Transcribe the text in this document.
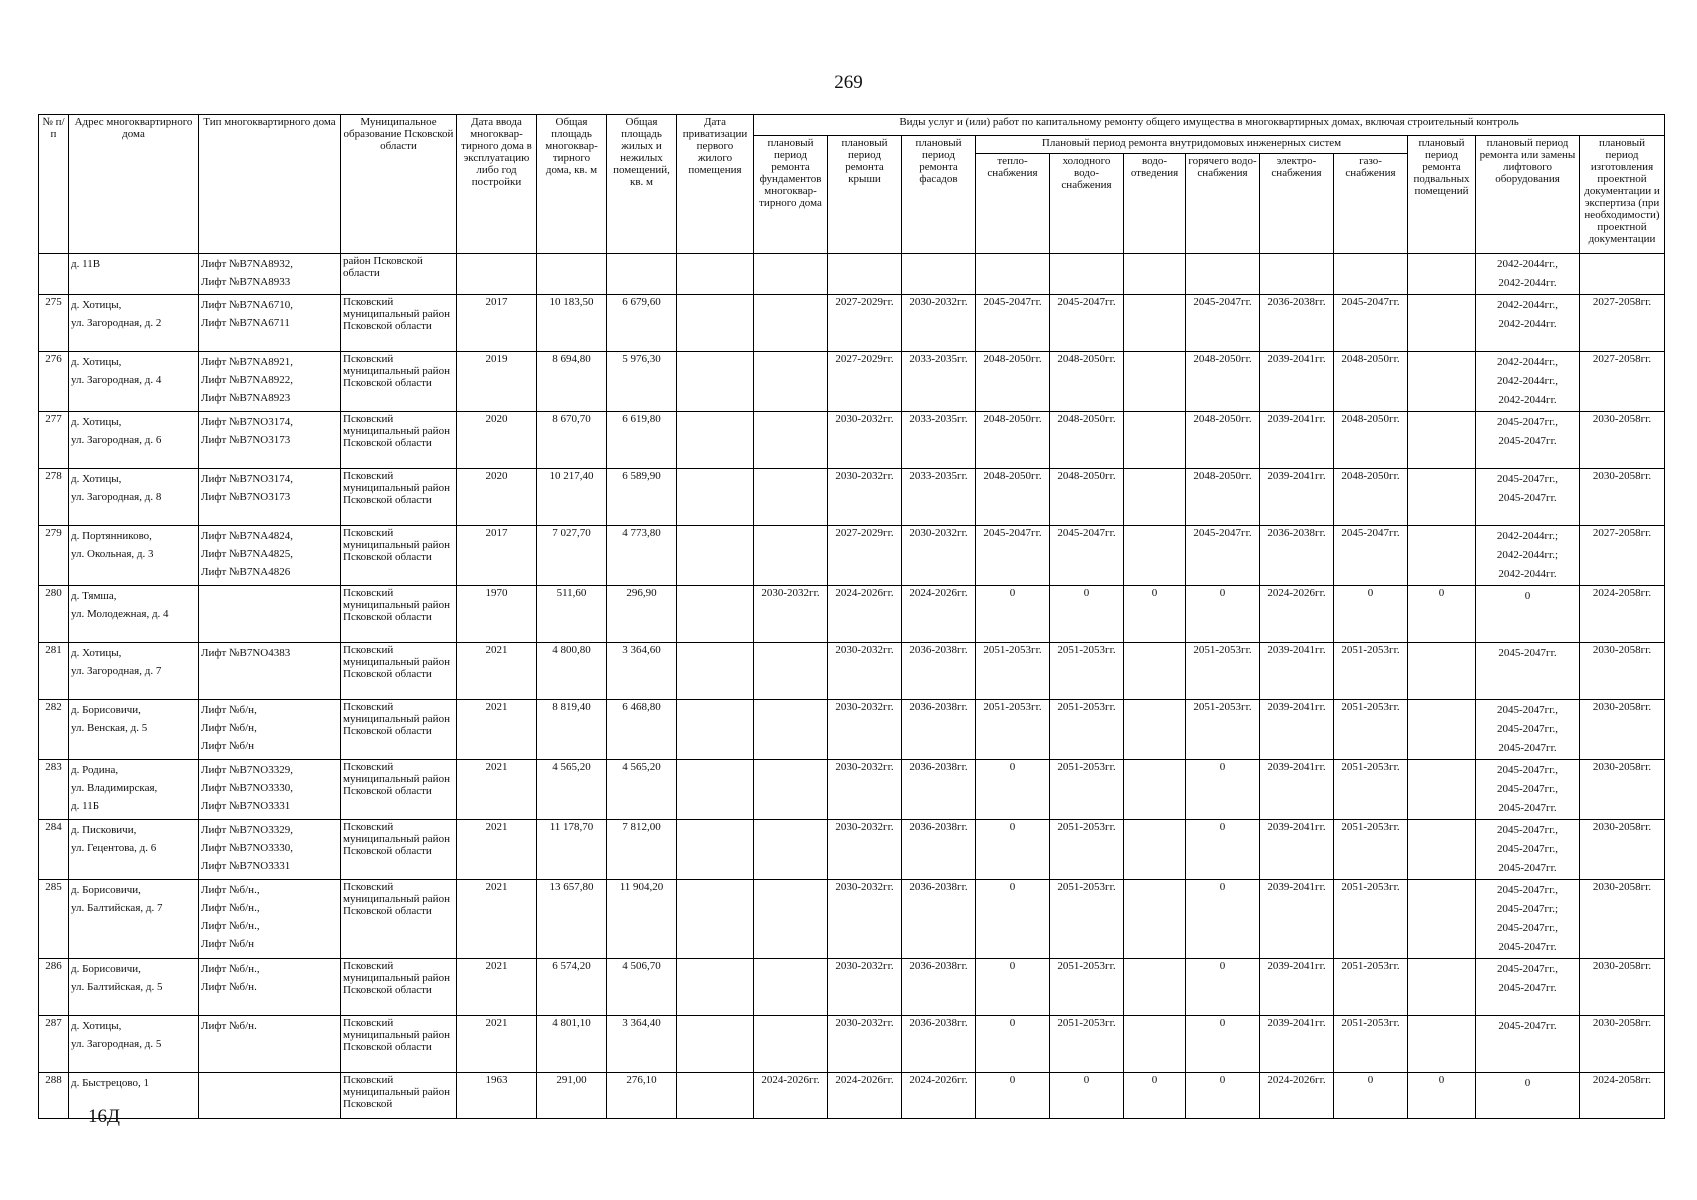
269
№ п/п	Адрес многоквартирного дома	Тип многоквартирного дома	Муниципальное образование Псковской области	Дата ввода многоквар-тирного дома в эксплуатацию либо год постройки	Общая площадь многоквар-тирного дома, кв. м	Общая площадь жилых и нежилых помещений, кв. м	Дата приватизации первого жилого помещения	Виды услуг и (или) работ по капитальному ремонту общего имущества в многоквартирных домах, включая строительный контроль											
								плановый период ремонта фундаментов многоквар-тирного дома	плановый период ремонта крыши	плановый период ремонта фасадов	Плановый период ремонта внутридомовых инженерных систем						плановый период ремонта подвальных помещений	плановый период ремонта или замены лифтового оборудования	плановый период изготовления проектной документации и экспертиза (при необходимости) проектной документации
											тепло-снабжения	холодного водо-снабжения	водо-отведения	горячего водо-снабжения	электро-снабжения	газо-снабжения			
	д. 11В	Лифт №B7NA8932,
Лифт №B7NA8933	район Псковской области															2042-2044гг.,
2042-2044гг.	
275	д. Хотицы,
ул. Загородная, д. 2	Лифт №B7NA6710,
Лифт №B7NA6711	Псковский муниципальный район Псковской области	2017	10 183,50	6 679,60			2027-2029гг.	2030-2032гг.	2045-2047гг.	2045-2047гг.		2045-2047гг.	2036-2038гг.	2045-2047гг.		2042-2044гг.,
2042-2044гг.	2027-2058гг.
276	д. Хотицы,
ул. Загородная, д. 4	Лифт №B7NA8921,
Лифт №B7NA8922,
Лифт №B7NA8923	Псковский муниципальный район Псковской области	2019	8 694,80	5 976,30			2027-2029гг.	2033-2035гг.	2048-2050гг.	2048-2050гг.		2048-2050гг.	2039-2041гг.	2048-2050гг.		2042-2044гг.,
2042-2044гг.,
2042-2044гг.	2027-2058гг.
277	д. Хотицы,
ул. Загородная, д. 6	Лифт №B7NO3174,
Лифт №B7NO3173	Псковский муниципальный район Псковской области	2020	8 670,70	6 619,80			2030-2032гг.	2033-2035гг.	2048-2050гг.	2048-2050гг.		2048-2050гг.	2039-2041гг.	2048-2050гг.		2045-2047гг.,
2045-2047гг.	2030-2058гг.
278	д. Хотицы,
ул. Загородная, д. 8	Лифт №B7NO3174,
Лифт №B7NO3173	Псковский муниципальный район Псковской области	2020	10 217,40	6 589,90			2030-2032гг.	2033-2035гг.	2048-2050гг.	2048-2050гг.		2048-2050гг.	2039-2041гг.	2048-2050гг.		2045-2047гг.,
2045-2047гг.	2030-2058гг.
279	д. Портянниково,
ул. Окольная, д. 3	Лифт №B7NA4824,
Лифт №B7NA4825,
Лифт №B7NA4826	Псковский муниципальный район Псковской области	2017	7 027,70	4 773,80			2027-2029гг.	2030-2032гг.	2045-2047гг.	2045-2047гг.		2045-2047гг.	2036-2038гг.	2045-2047гг.		2042-2044гг.;
2042-2044гг.;
2042-2044гг.	2027-2058гг.
280	д. Тямша,
ул. Молодежная, д. 4		Псковский муниципальный район Псковской области	1970	511,60	296,90		2030-2032гг.	2024-2026гг.	2024-2026гг.	0	0	0	0	2024-2026гг.	0	0	0	2024-2058гг.
281	д. Хотицы,
ул. Загородная, д. 7	Лифт №B7NO4383	Псковский муниципальный район Псковской области	2021	4 800,80	3 364,60			2030-2032гг.	2036-2038гг.	2051-2053гг.	2051-2053гг.		2051-2053гг.	2039-2041гг.	2051-2053гг.		2045-2047гг.	2030-2058гг.
282	д. Борисовичи,
ул. Венская, д. 5	Лифт №б/н,
Лифт №б/н,
Лифт №б/н	Псковский муниципальный район Псковской области	2021	8 819,40	6 468,80			2030-2032гг.	2036-2038гг.	2051-2053гг.	2051-2053гг.		2051-2053гг.	2039-2041гг.	2051-2053гг.		2045-2047гг.,
2045-2047гг.,
2045-2047гг.	2030-2058гг.
283	д. Родина,
ул. Владимирская,
д. 11Б	Лифт №B7NO3329,
Лифт №B7NO3330,
Лифт №B7NO3331	Псковский муниципальный район Псковской области	2021	4 565,20	4 565,20			2030-2032гг.	2036-2038гг.	0	2051-2053гг.		0	2039-2041гг.	2051-2053гг.		2045-2047гг.,
2045-2047гг.,
2045-2047гг.	2030-2058гг.
284	д. Писковичи,
ул. Гецентова, д. 6	Лифт №B7NO3329,
Лифт №B7NO3330,
Лифт №B7NO3331	Псковский муниципальный район Псковской области	2021	11 178,70	7 812,00			2030-2032гг.	2036-2038гг.	0	2051-2053гг.		0	2039-2041гг.	2051-2053гг.		2045-2047гг.,
2045-2047гг.,
2045-2047гг.	2030-2058гг.
285	д. Борисовичи,
ул. Балтийская, д. 7	Лифт №б/н.,
Лифт №б/н.,
Лифт №б/н.,
Лифт №б/н	Псковский муниципальный район Псковской области	2021	13 657,80	11 904,20			2030-2032гг.	2036-2038гг.	0	2051-2053гг.		0	2039-2041гг.	2051-2053гг.		2045-2047гг.,
2045-2047гг.;
2045-2047гг.,
2045-2047гг.	2030-2058гг.
286	д. Борисовичи,
ул. Балтийская, д. 5	Лифт №б/н.,
Лифт №б/н.	Псковский муниципальный район Псковской области	2021	6 574,20	4 506,70			2030-2032гг.	2036-2038гг.	0	2051-2053гг.		0	2039-2041гг.	2051-2053гг.		2045-2047гг.,
2045-2047гг.	2030-2058гг.
287	д. Хотицы,
ул. Загородная, д. 5	Лифт №б/н.	Псковский муниципальный район Псковской области	2021	4 801,10	3 364,40			2030-2032гг.	2036-2038гг.	0	2051-2053гг.		0	2039-2041гг.	2051-2053гг.		2045-2047гг.	2030-2058гг.
288	д. Быстрецово, 1		Псковский муниципальный район Псковской	1963	291,00	276,10		2024-2026гг.	2024-2026гг.	2024-2026гг.	0	0	0	0	2024-2026гг.	0	0	0	2024-2058гг.
16Д
